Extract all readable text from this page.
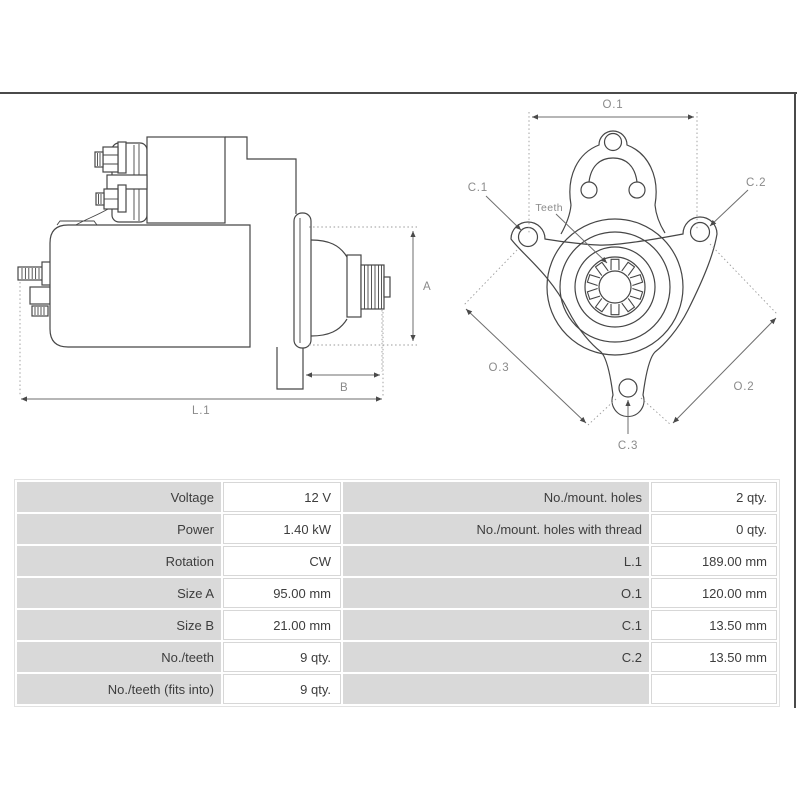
A
B
L.1
O.1
C.1	C.2
Teeth
C.3
O.3
O.2
Voltage	12 V	No./mount. holes	2 qty.
Power	1.40 kW	No./mount. holes with thread	0 qty.
Rotation	CW	L.1	189.00 mm
Size A	95.00 mm	O.1	120.00 mm
Size B	21.00 mm	C.1	13.50 mm
No./teeth	9 qty.	C.2	13.50 mm
No./teeth (fits into)	9 qty.
